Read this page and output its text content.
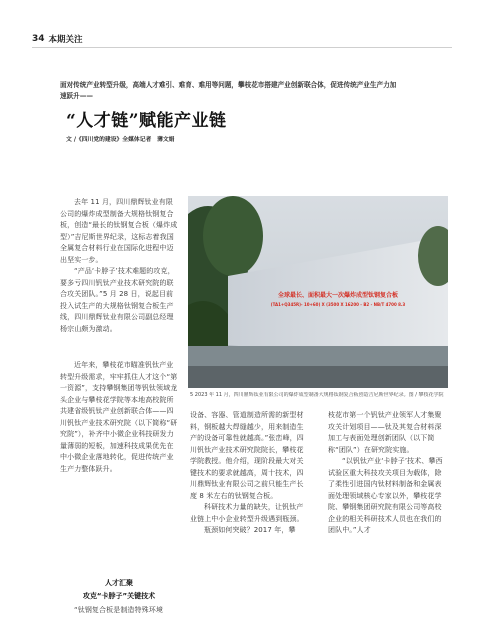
34 本期关注
面对传统产业转型升级，高端人才难引、难育、难用等问题，攀枝花市搭建产业创新联合体，促进传统产业生产力加速跃升——
“人才链”赋能产业链
文 /《四川党的建设》全媒体记者　薄文娟

去年 11 月，四川鼎辉钛业有限公司的爆炸成型制备大规格钛钢复合板，创造“最长的钛钢复合板（爆炸成型）”吉尼斯世界纪录，这标志着我国全属复合材料行业在国际化进程中迈出坚实一步。

“产品‘卡脖子’技术难题的攻克，要多亏四川钒钛产业技术研究院的联合攻关团队。”5 月 28 日，说起目前投入试生产的大规格钛钢复合板生产线，四川鼎辉钛业有限公司副总经理杨宗山颇为激动。

全球最长、面积最大一次爆炸成型钛钢复合板
(TA1+Q345R)- 10+60) X (3500 X 16200 - B2 - NB/T 4700 8.3
5 2023 年 11 月，四川鼎辉钛业有限公司的爆炸成型制备大规格钛钢复合板创造吉尼斯世界纪录。图 / 攀枝花学院

近年来，攀枝花市瞄准钒钛产业转型升级需求，牢牢抓住人才这个“第一资源”，支持攀钢集团等钒钛领域龙头企业与攀枝花学院等本地高校院所共建省级钒钛产业创新联合体——四川钒钛产业技术研究院（以下简称“研究院”），补齐中小微企业科技研发力量薄弱的短板，加速科技成果优先在中小微企业落地转化，促进传统产业生产力整体跃升。

人才汇聚
攻克“卡脖子”关键技术

“钛钢复合板是制造特殊环境

设备、容器、管道制造所需的新型材料，钢板越大焊缝越少，用来制造生产的设备可靠性就越高。”张峦峰，四川钒钛产业技术研究院院长，攀枝花学院教授。他介绍，现阶段最大对关键技术的要求就越高，周十技术，四川鼎辉钛业有限公司之前只能生产长度 8 米左右的钛钢复合板。

科研技术力量的缺失，让钒钛产业链上中小企业转型升级遇到瓶颈。

瓶颈如何突破？2017 年，攀

枝花市第一个钒钛产业领军人才集聚攻关计划项目——钛及其复合材料深加工与表面处理创新团队（以下简称“团队”）在研究院实施。

“以钒钛产业‘卡脖子’技术、攀西试验区重大科技攻关项目为载体，除了柔性引进国内钛材料制备和金属表面处理领域核心专家以外，攀枝花学院、攀钢集团研究院有限公司等高校企业的相关科研技术人员也在我们的团队中。”人才
